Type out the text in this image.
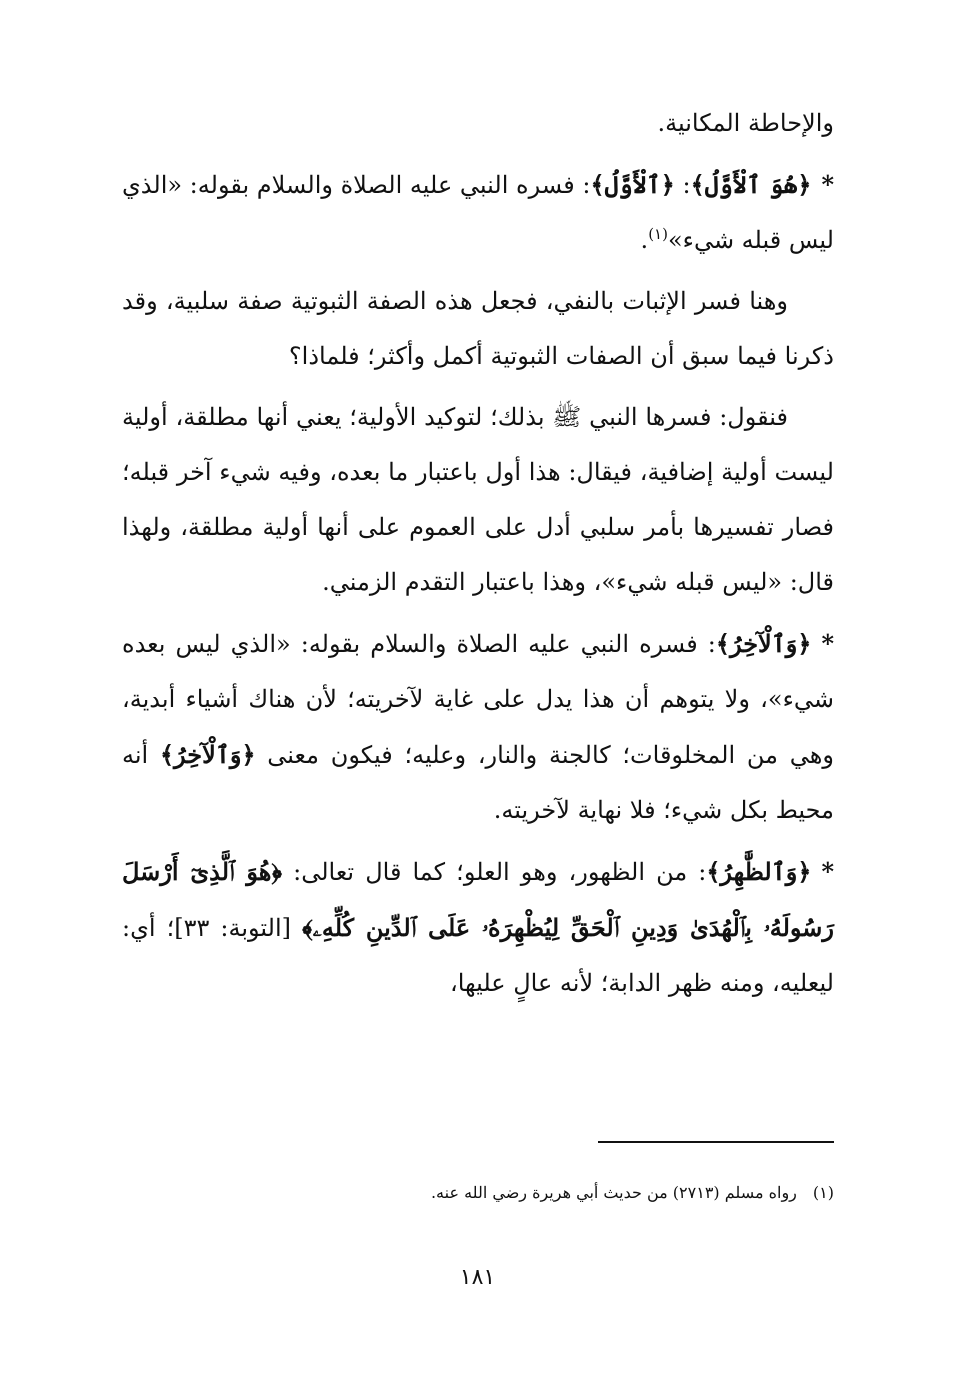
والإحاطة المكانية.

*﴿هُوَ ٱلْأَوَّلُ﴾: ﴿ٱلْأَوَّلُ﴾: فسره النبي عليه الصلاة والسلام بقوله: «الذي ليس قبله شيء»$^{(١)}$.

وهنا فسر الإثبات بالنفي، فجعل هذه الصفة الثبوتية صفة سلبية، وقد ذكرنا فيما سبق أن الصفات الثبوتية أكمل وأكثر؛ فلماذا؟

فنقول: فسرها النبي ﷺ بذلك؛ لتوكيد الأولية؛ يعني أنها مطلقة، أولية ليست أولية إضافية، فيقال: هذا أول باعتبار ما بعده، وفيه شيء آخر قبله؛ فصار تفسيرها بأمر سلبي أدل على العموم على أنها أولية مطلقة، ولهذا قال: «ليس قبله شيء»، وهذا باعتبار التقدم الزمني.

*﴿وَٱلْآخِرُ﴾: فسره النبي عليه الصلاة والسلام بقوله: «الذي ليس بعده شيء»، ولا يتوهم أن هذا يدل على غاية لآخريته؛ لأن هناك أشياء أبدية، وهي من المخلوقات؛ كالجنة والنار، وعليه؛ فيكون معنى ﴿وَٱلْآخِرُ﴾ أنه محيط بكل شيء؛ فلا نهاية لآخريته.

*﴿وَٱلظَّٰهِرُ﴾: من الظهور، وهو العلو؛ كما قال تعالى: ﴿هُوَ ٱلَّذِىٓ أَرْسَلَ رَسُولَهُۥ بِٱلْهُدَىٰ وَدِينِ ٱلْحَقِّ لِيُظْهِرَهُۥ عَلَى ٱلدِّينِ كُلِّهِۦ﴾ [التوبة: ٣٣]؛ أي: ليعليه، ومنه ظهر الدابة؛ لأنه عالٍ عليها،

(١)رواه مسلم (٢٧١٣) من حديث أبي هريرة رضي الله عنه.
١٨١
